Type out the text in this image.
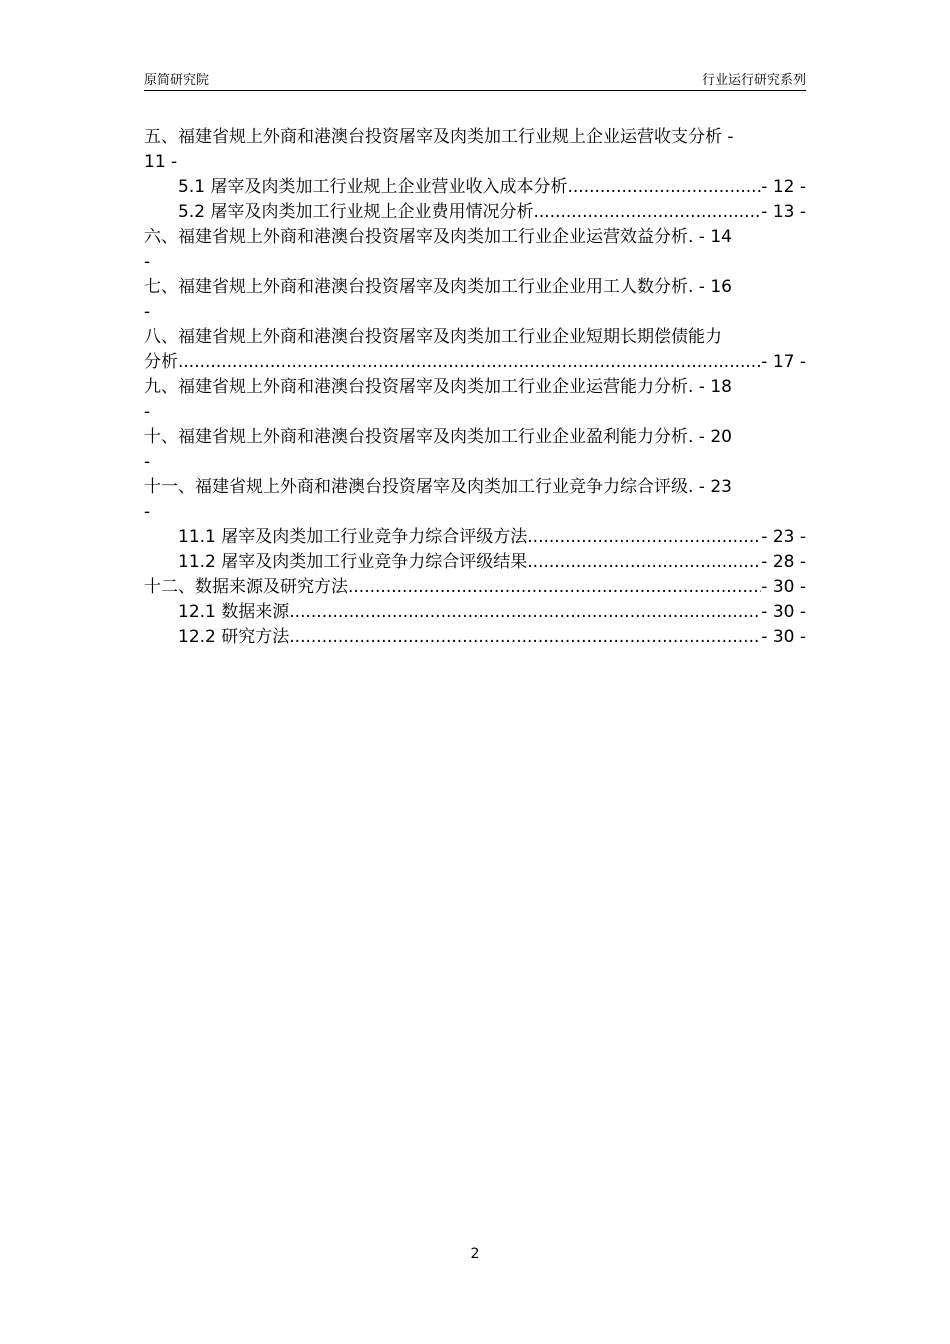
原简研究院	行业运行研究系列
五、福建省规上外商和港澳台投资屠宰及肉类加工行业规上企业运营收支分析 -
11 -
5.1 屠宰及肉类加工行业规上企业营业收入成本分析 .....	- 12 -
5.2 屠宰及肉类加工行业规上企业费用情况分析 .....	- 13 -
六、福建省规上外商和港澳台投资屠宰及肉类加工行业企业运营效益分析. - 14
-
七、福建省规上外商和港澳台投资屠宰及肉类加工行业企业用工人数分析. - 16
-
八、福建省规上外商和港澳台投资屠宰及肉类加工行业企业短期长期偿债能力
分析 .....	- 17 -
九、福建省规上外商和港澳台投资屠宰及肉类加工行业企业运营能力分析. - 18
-
十、福建省规上外商和港澳台投资屠宰及肉类加工行业企业盈利能力分析. - 20
-
十一、福建省规上外商和港澳台投资屠宰及肉类加工行业竞争力综合评级. - 23
-
11.1 屠宰及肉类加工行业竞争力综合评级方法 .....	- 23 -
11.2 屠宰及肉类加工行业竞争力综合评级结果 .....	- 28 -
十二、数据来源及研究方法 .....	- 30 -
12.1 数据来源 .....	- 30 -
12.2 研究方法 .....	- 30 -
2
